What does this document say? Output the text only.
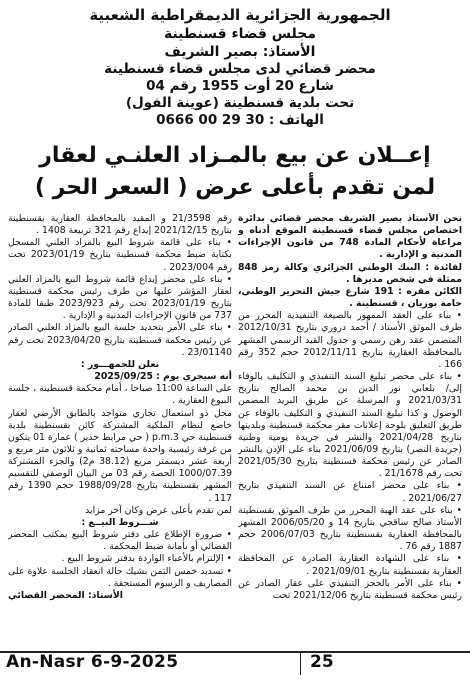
الجمهورية الجزائرية الديمقراطية الشعبية
مجلس قضاء قسنطينة
الأستاذ: بصير الشريف
محضر قضائي لدى مجلس قضاء قسنطينة
شارع 20 أوت 1955 رقم 04
تحت بلدية قسنطينة (عوينة الفول)
الهاتف : 30 29 00 0666
إعــلان عن بيع بالمـزاد العلنـي لعقار
لمن تقدم بأعلى عرض ( السعر الحر )

نحن الأستاذ بصير الشريف محضر قضائي بدائرة اختصاص مجلس قضاء قسنطينة الموقع أدناه و مراعاة لأحكام المادة 748 من قانون الإجراءات المدنية و الإدارية .

لفائدة : البنك الوطني الجزائري وكالة رمز 848 ممثلة في شخص مديرها .

الكائن مقره : 191 شارع جيش التحرير الوطني، حامة بوزيان ، قسنطينة .

• بناء على العقد الممهور بالصيغة التنفيذية المحرر من طرف الموثق الأستاذ / أحمد دروري بتاريخ 2012/10/31 المتضمن عقد رهن رسمي و جدول القيد الرسمي المشهر بالمحافظة العقارية بتاريخ 2012/11/11 حجم 352 رقم 166 .

• بناء على محضر تبليغ السند التنفيذي و التكليف بالوفاء إلى/ بلعابي نور الدين بن محمد الصالح بتاريخ 2021/03/31 و المرسلة عن طريق البريد المضمن الوصول و كذا تبليغ السند التنفيذي و التكليف بالوفاء عن طريق التعليق بلوحة إعلانات مقر محكمة قسنطينة وبلديتها بتاريخ 2021/04/28 والنشر في جريدة يومية وطنية (جريدة النصر) بتاريخ 2021/06/09 بناء على الإذن بالنشر الصادر عن رئيس محكمة قسنطينة بتاريخ 2021/05/30 تحت رقم 21/1678 .

• بناء على محضر امتناع عن السند التنفيذي بتاريخ 2021/06/27 .

• بناء على عقد الهبة المحرر من طرف الموثق بقسنطينة الأستاذ صالح ساقجي بتاريخ 14 و 2006/05/20 المشهر بالمحافظة العقارية بقسنطينة بتاريخ 2006/07/03 حجم 1887 رقم 76 .

• بناء على الشهادة العقارية الصادرة عن المحافظة العقارية بقسنطينة بتاريخ 2021/09/01 .

• بناء على الأمر بالحجز التنفيذي على عقار الصادر عن رئيس محكمة قسنطينة بتاريخ 2021/12/06 تحت

رقم 21/3598 و المقيد بالمحافظة العقارية بقسنطينة بتاريخ 2021/12/15 إيداع رقم 321 تربيعة 1408 .

• بناء على قائمة شروط البيع بالمزاد العلني المسجل بكتابة ضبط محكمة قسنطينة بتاريخ 2023/01/19 تحت رقم 2023/004 .

• بناء على محضر إيداع قائمة شروط البيع بالمزاد العلني لعقار المؤشر عليها من طرف رئيس محكمة قسنطينة بتاريخ 2023/01/19 تحت رقم 2023/923 طبقا للمادة 737 من قانون الإجراءات المدنية و الإدارية .

• بناء على الأمر بتحديد جلسة البيع بالمزاد العلني الصادر عن رئيس محكمة قسنطينة بتاريخ 2023/04/20 تحت رقم 23/01140 .

نعلن للجمهـــور :

أنه سيجري يوم : 2025/09/25

على الساعة 11:00 صباحا ، أمام محكمة قسنطينة ، جلسة البيوع العقارية .

محل ذو استعمال تجاري متواجد بالطابق الأرضي لعقار خاضع لنظام الملكية المشتركة كائن بقسنطينة بلدية قسنطينة حي p.m.3 ( حي مرابط خذير ) عمارة 01 يتكون من غرفة رئيسية واحدة مساحته ثمانية و ثلاثون متر مربع و أربعة عشر ديسمتر مربع (38.12 م2) والجزء المشتركة 1000/07.39 الحصة رقم 03 من البيان الوصفي للتقسيم المشهر بقسنطينة بتاريخ 1988/09/28 حجم 1390 رقم 117 .

لمن تقدم بأعلى عرض وكان آخر مزايد

شـــروط البيــع :

• ضرورة الإطلاع على دفتر شروط البيع بمكتب المحضر القضائي أو بأمانة ضبط المحكمة .

• الإلتزام بالأعباء الواردة بدفتر شروط البيع .

• تسديد خمس الثمن بشيك حالة انعقاد الجلسة علاوة على المصاريف و الرسوم المستحقة .

الأستاذ: المحضر القضائي

An-Nasr 6-9-2025	25
